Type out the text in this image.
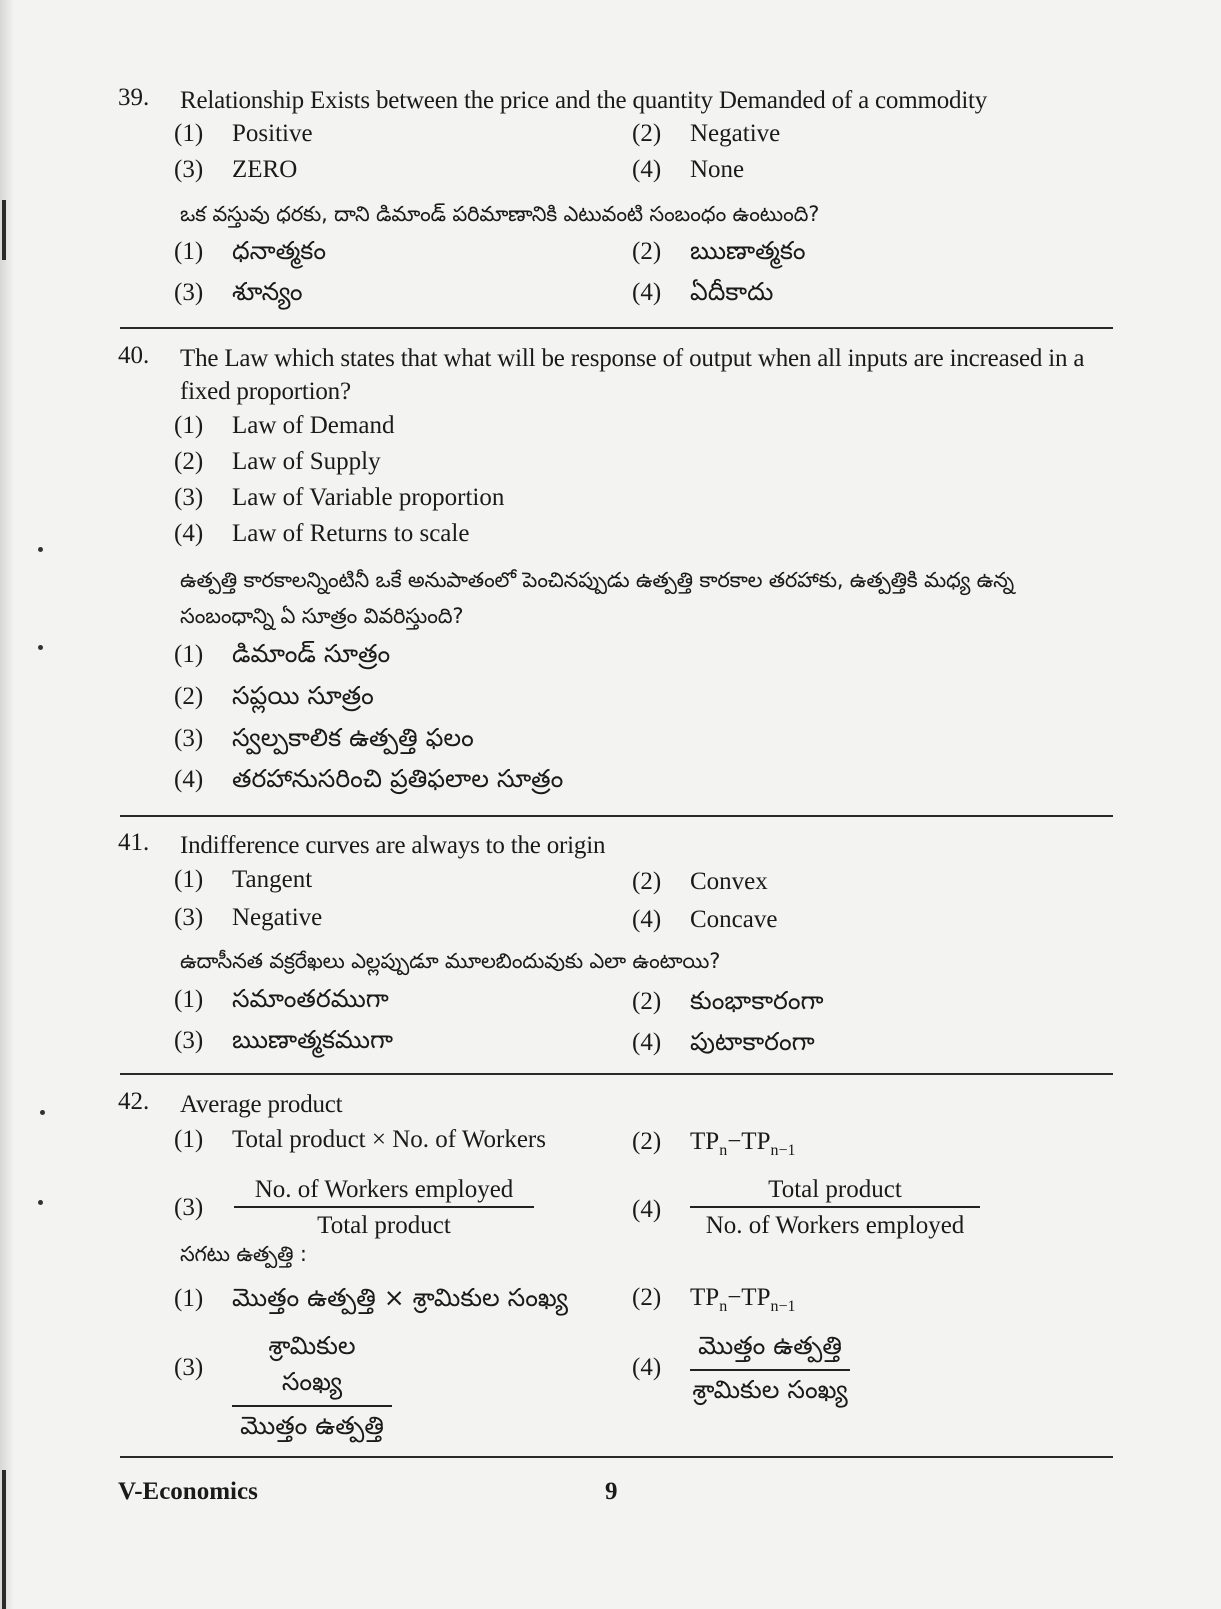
39. Relationship Exists between the price and the quantity Demanded of a commodity
(1) Positive	(2) Negative
(3) ZERO	(4) None
ఒక వస్తువు ధరకు, దాని డిమాండ్ పరిమాణానికి ఎటువంటి సంబంధం ఉంటుంది?
(1) ధనాత్మకం	(2) ఋణాత్మకం
(3) శూన్యం	(4) ఏదీకాదు
40. The Law which states that what will be response of output when all inputs are increased in a fixed proportion?
(1) Law of Demand
(2) Law of Supply
(3) Law of Variable proportion
(4) Law of Returns to scale
ఉత్పత్తి కారకాలన్నింటినీ ఒకే అనుపాతంలో పెంచినప్పుడు ఉత్పత్తి కారకాల తరహాకు, ఉత్పత్తికి మధ్య ఉన్న సంబంధాన్ని ఏ సూత్రం వివరిస్తుంది?
(1) డిమాండ్ సూత్రం
(2) సప్లయి సూత్రం
(3) స్వల్పకాలిక ఉత్పత్తి ఫలం
(4) తరహానుసరించి ప్రతిఫలాల సూత్రం
41. Indifference curves are always to the origin
(1) Tangent	(2) Convex
(3) Negative	(4) Concave
ఉదాసీనత వక్రరేఖలు ఎల్లప్పుడూ మూలబిందువుకు ఎలా ఉంటాయి?
(1) సమాంతరముగా	(2) కుంభాకారంగా
(3) ఋణాత్మకముగా	(4) పుటాకారంగా
42. Average product
(1) Total product × No. of Workers	(2) $TP_n-TP_{n-1}$
(3)
No. of Workers employed
Total product
(4)
Total product
No. of Workers employed
సగటు ఉత్పత్తి :
(1) మొత్తం ఉత్పత్తి × శ్రామికుల సంఖ్య	(2) $TP_n-TP_{n-1}$
(3)
శ్రామికుల సంఖ్య
మొత్తం ఉత్పత్తి
(4)
మొత్తం ఉత్పత్తి
శ్రామికుల సంఖ్య
V-Economics	9
